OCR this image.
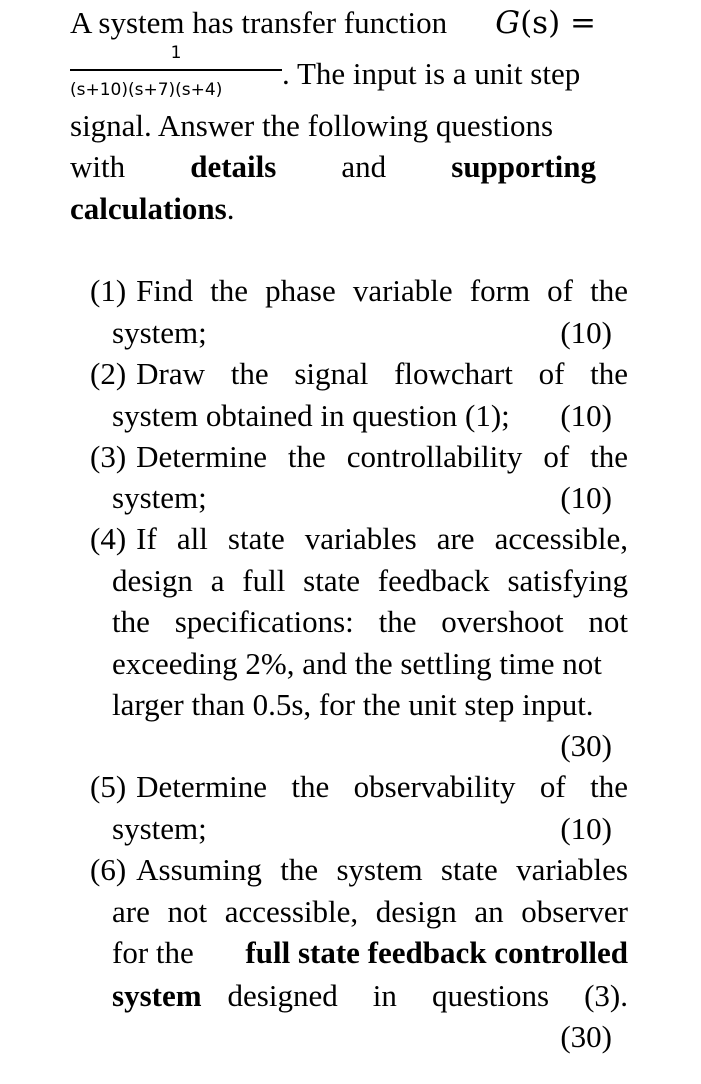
A system has transfer function G(s) =
1
(s+10)(s+7)(s+4)	. The input is a unit step
signal. Answer the following questions
with details and supporting
calculations.
(1) Find the phase variable form of the
system;	(10)
(2) Draw the signal flowchart of the
system obtained in question (1); (10)
(3) Determine the controllability of the
system;	(10)
(4) If all state variables are accessible,
design a full state feedback satisfying
the specifications: the overshoot not
exceeding 2%, and the settling time not
larger than 0.5s, for the unit step input.
(30)
(5) Determine the observability of the
system;	(10)
(6) Assuming the system state variables
are not accessible, design an observer
for the full state feedback controlled
system designed in questions (3).
(30)
